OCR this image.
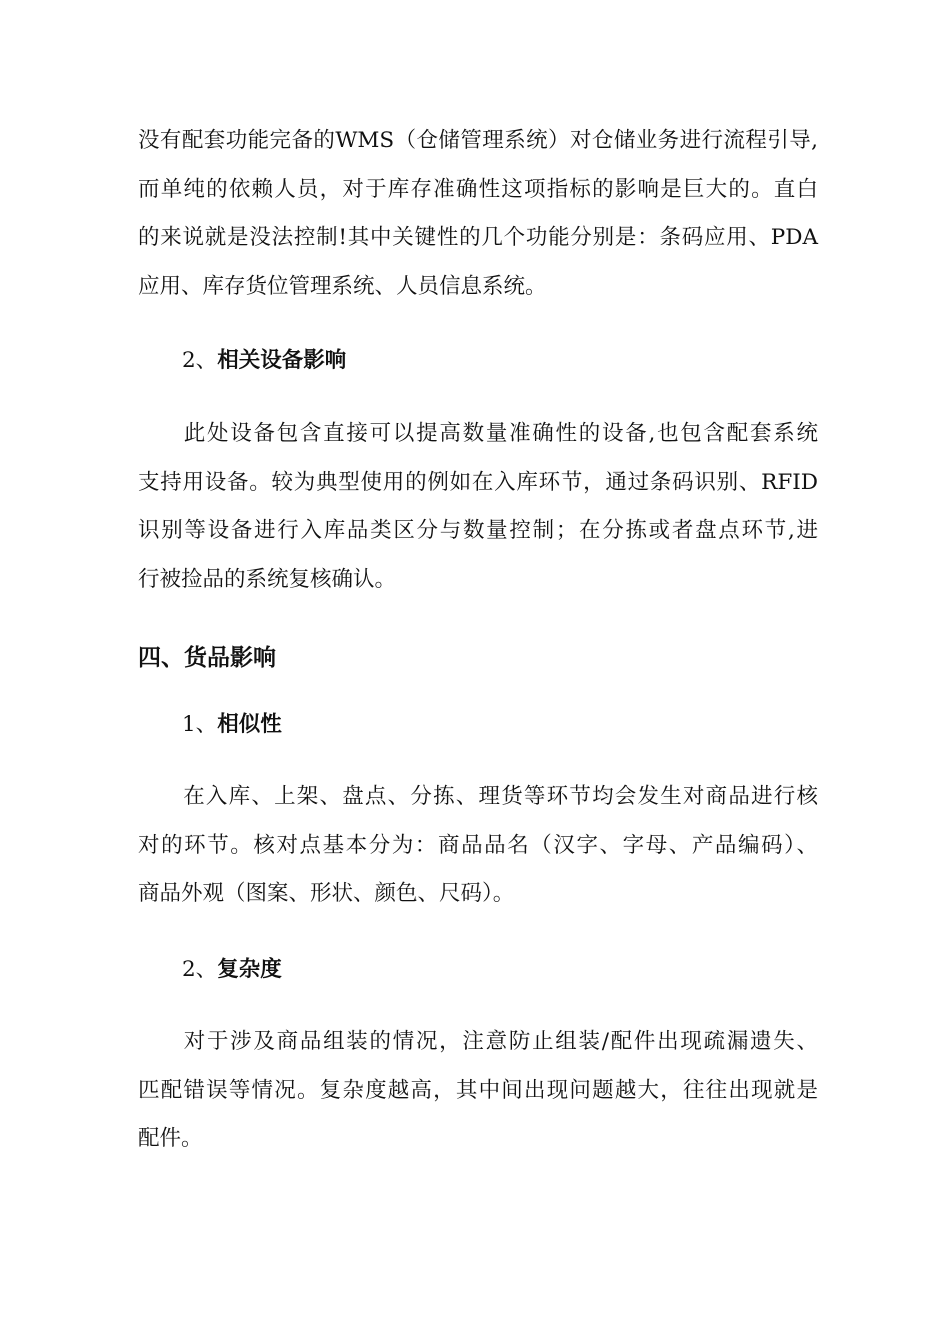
没有配套功能完备的WMS（仓储管理系统）对仓储业务进行流程引导,
而单纯的依赖人员，对于库存准确性这项指标的影响是巨大的。直白
的来说就是没法控制!其中关键性的几个功能分别是：条码应用、PDA
应用、库存货位管理系统、人员信息系统。

2、相关设备影响

此处设备包含直接可以提高数量准确性的设备,也包含配套系统
支持用设备。较为典型使用的例如在入库环节，通过条码识别、RFID
识别等设备进行入库品类区分与数量控制；在分拣或者盘点环节,进
行被捡品的系统复核确认。

四、货品影响
1、相似性

在入库、上架、盘点、分拣、理货等环节均会发生对商品进行核
对的环节。核对点基本分为：商品品名（汉字、字母、产品编码）、
商品外观（图案、形状、颜色、尺码）。

2、复杂度

对于涉及商品组装的情况，注意防止组装/配件出现疏漏遗失、
匹配错误等情况。复杂度越高，其中间出现问题越大，往往出现就是
配件。
